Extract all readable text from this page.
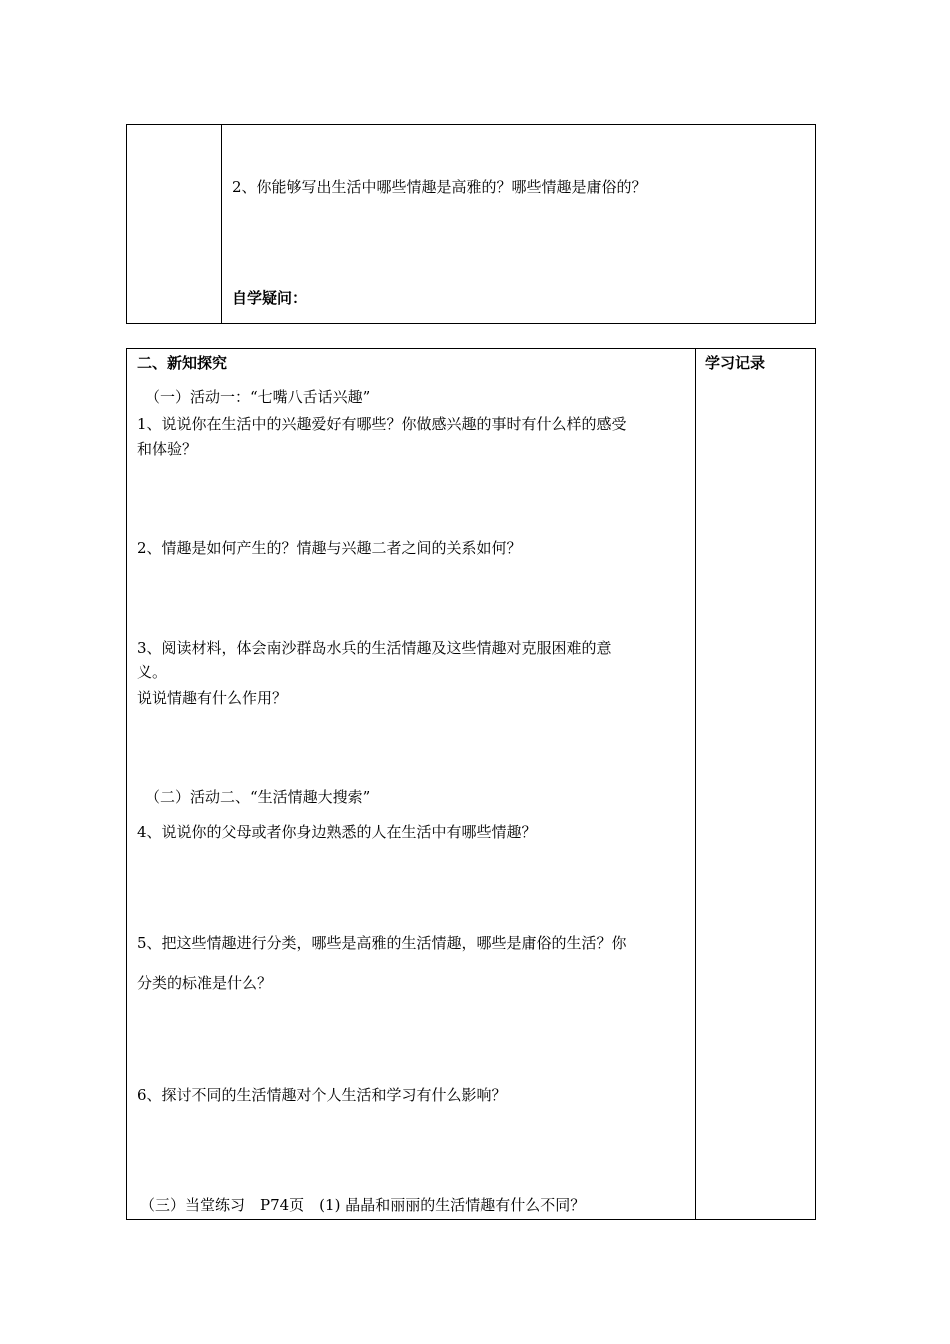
2、你能够写出生活中哪些情趣是高雅的？哪些情趣是庸俗的？
自学疑问：
二、新知探究	学习记录
（一）活动一：“七嘴八舌话兴趣”
1、说说你在生活中的兴趣爱好有哪些？你做感兴趣的事时有什么样的感受
和体验？
2、情趣是如何产生的？情趣与兴趣二者之间的关系如何？
3、阅读材料，体会南沙群岛水兵的生活情趣及这些情趣对克服困难的意
义。
说说情趣有什么作用？
（二）活动二、“生活情趣大搜索”
4、说说你的父母或者你身边熟悉的人在生活中有哪些情趣？
5、把这些情趣进行分类，哪些是高雅的生活情趣，哪些是庸俗的生活？你
分类的标准是什么？
6、探讨不同的生活情趣对个人生活和学习有什么影响？
（三）当堂练习　P74页　(1) 晶晶和丽丽的生活情趣有什么不同？
